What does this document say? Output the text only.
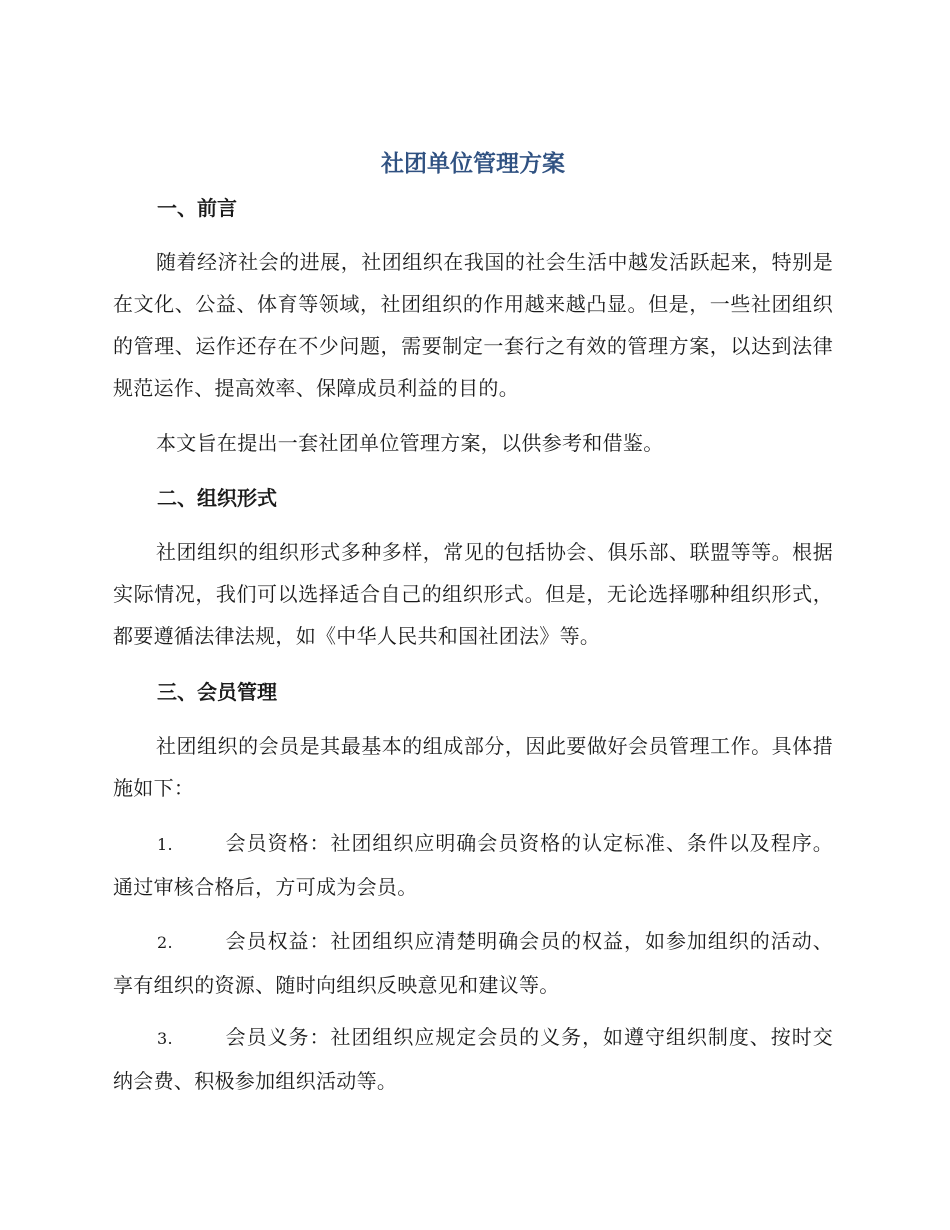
社团单位管理方案
一、前言
随着经济社会的进展，社团组织在我国的社会生活中越发活跃起来，特别是在文化、公益、体育等领域，社团组织的作用越来越凸显。但是，一些社团组织的管理、运作还存在不少问题，需要制定一套行之有效的管理方案，以达到法律规范运作、提高效率、保障成员利益的目的。
本文旨在提出一套社团单位管理方案，以供参考和借鉴。
二、组织形式
社团组织的组织形式多种多样，常见的包括协会、俱乐部、联盟等等。根据实际情况，我们可以选择适合自己的组织形式。但是，无论选择哪种组织形式，都要遵循法律法规，如《中华人民共和国社团法》等。
三、会员管理
社团组织的会员是其最基本的组成部分，因此要做好会员管理工作。具体措施如下：
1.	会员资格：社团组织应明确会员资格的认定标准、条件以及程序。通过审核合格后，方可成为会员。
2.	会员权益：社团组织应清楚明确会员的权益，如参加组织的活动、享有组织的资源、随时向组织反映意见和建议等。
3.	会员义务：社团组织应规定会员的义务，如遵守组织制度、按时交纳会费、积极参加组织活动等。
